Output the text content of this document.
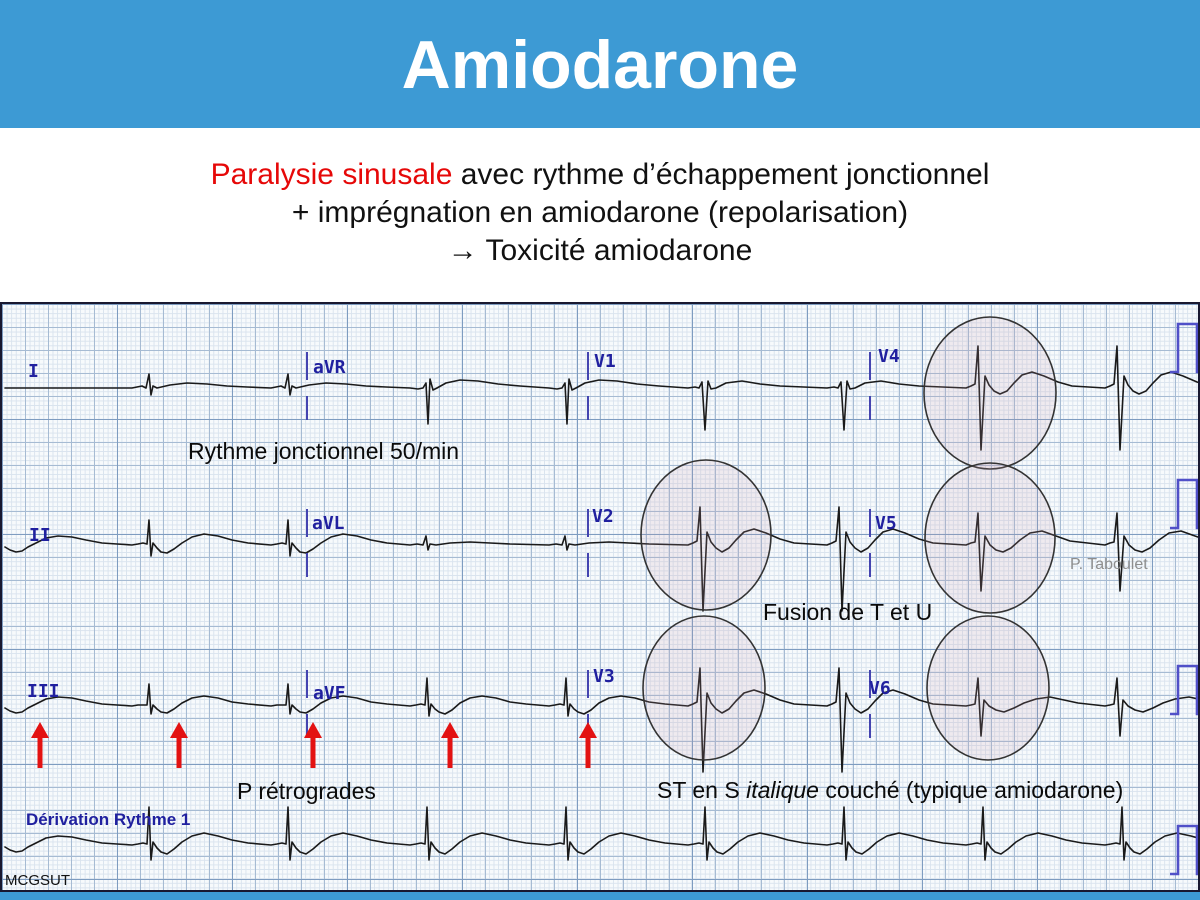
Amiodarone
Paralysie sinusale avec rythme d’échappement jonctionnel
+ imprégnation en amiodarone (repolarisation)
→ Toxicité amiodarone
I	aVR	V1	V4
II
aVL	V2	V5
III	aVF
V3
V6
Dérivation Rythme 1
Rythme jonctionnel 50/min
Fusion de T et U
P rétrogrades	ST en S italique couché (typique amiodarone)
P. Taboulet
MCGSUT
